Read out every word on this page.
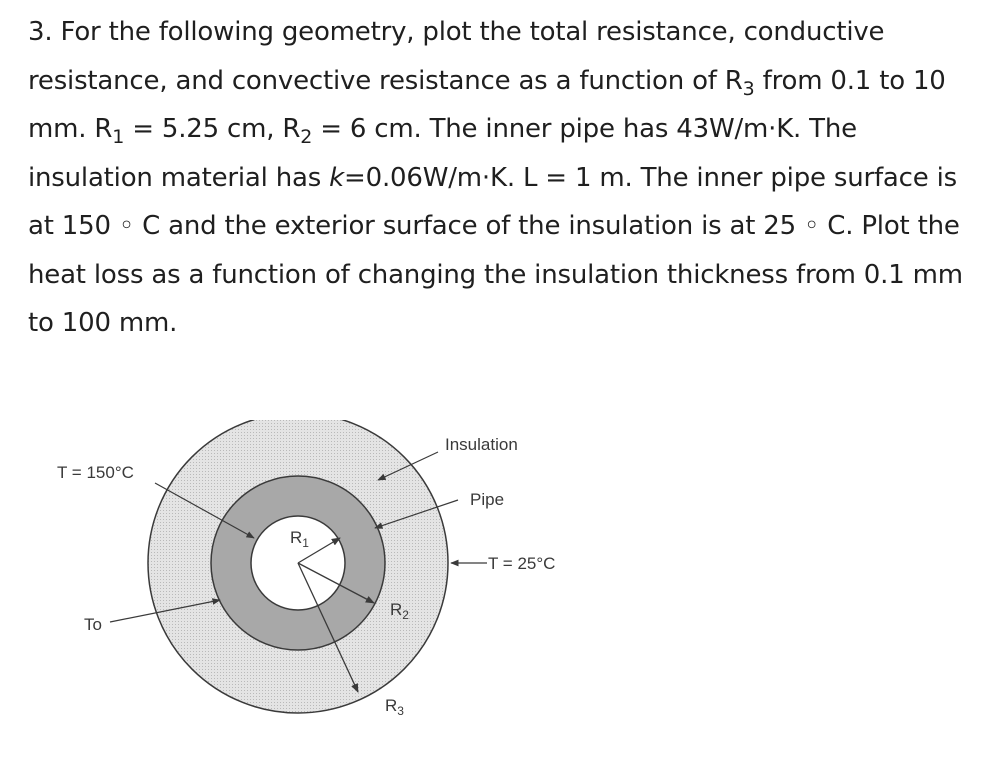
3. For the following geometry, plot the total resistance, conductive resistance, and convective resistance as a function of $R_3$ from 0.1 to 10 mm. $R_1 = 5.25$ cm, $R_2 = 6$ cm. The inner pipe has 43W/m·K. The insulation material has k=0.06W/m·K. L = 1 m. The inner pipe surface is at 150 ◦ C and the exterior surface of the insulation is at 25 ◦ C. Plot the heat loss as a function of changing the insulation thickness from 0.1 mm to 100 mm.

Insulation
Pipe
T = 150°C
T = 25°C
To
$R_1$
$R_2$
$R_3$
